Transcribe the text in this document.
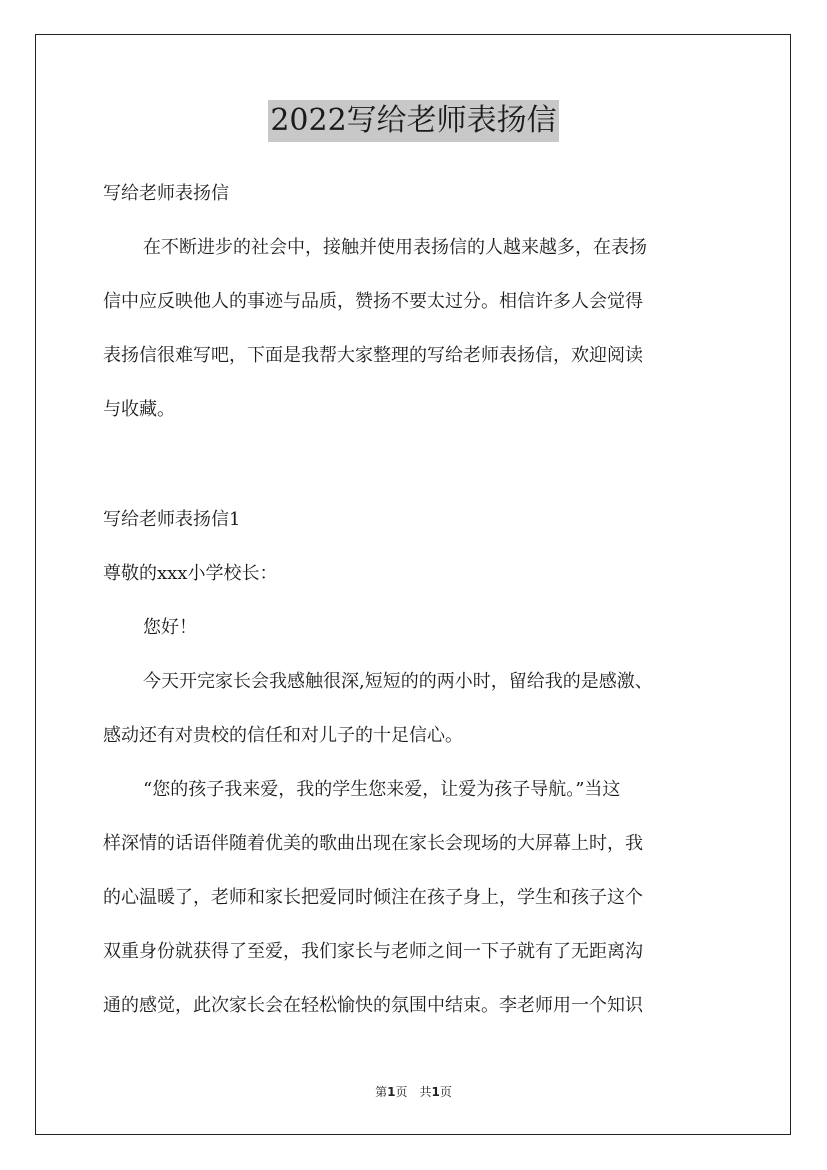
2022写给老师表扬信
写给老师表扬信
在不断进步的社会中，接触并使用表扬信的人越来越多，在表扬
信中应反映他人的事迹与品质，赞扬不要太过分。相信许多人会觉得
表扬信很难写吧，下面是我帮大家整理的写给老师表扬信，欢迎阅读
与收藏。
写给老师表扬信1
尊敬的xxx小学校长：
您好！
今天开完家长会我感触很深,短短的的两小时，留给我的是感激、
感动还有对贵校的信任和对儿子的十足信心。
“您的孩子我来爱，我的学生您来爱，让爱为孩子导航。”当这
样深情的话语伴随着优美的歌曲出现在家长会现场的大屏幕上时，我
的心温暖了，老师和家长把爱同时倾注在孩子身上，学生和孩子这个
双重身份就获得了至爱，我们家长与老师之间一下子就有了无距离沟
通的感觉，此次家长会在轻松愉快的氛围中结束。李老师用一个知识
第1页　共1页
